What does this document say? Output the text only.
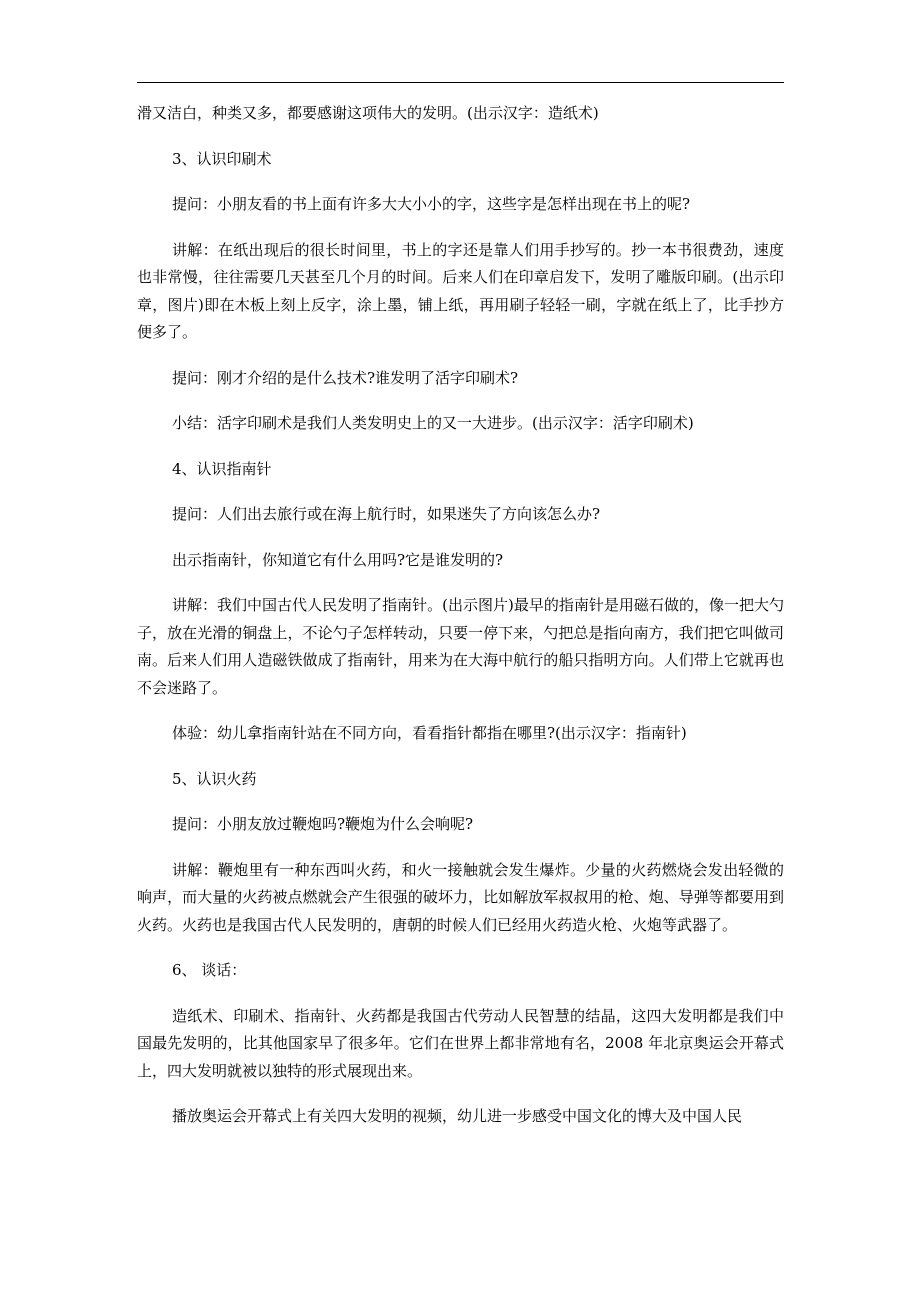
滑又洁白，种类又多，都要感谢这项伟大的发明。(出示汉字：造纸术)

3、认识印刷术

提问：小朋友看的书上面有许多大大小小的字，这些字是怎样出现在书上的呢?

讲解：在纸出现后的很长时间里，书上的字还是靠人们用手抄写的。抄一本书很费劲，速度也非常慢，往往需要几天甚至几个月的时间。后来人们在印章启发下，发明了雕版印刷。(出示印章，图片)即在木板上刻上反字，涂上墨，铺上纸，再用刷子轻轻一刷，字就在纸上了，比手抄方便多了。

提问：刚才介绍的是什么技术?谁发明了活字印刷术?

小结：活字印刷术是我们人类发明史上的又一大进步。(出示汉字：活字印刷术)

4、认识指南针

提问：人们出去旅行或在海上航行时，如果迷失了方向该怎么办?

出示指南针，你知道它有什么用吗?它是谁发明的?

讲解：我们中国古代人民发明了指南针。(出示图片)最早的指南针是用磁石做的，像一把大勺子，放在光滑的铜盘上，不论勺子怎样转动，只要一停下来，勺把总是指向南方，我们把它叫做司南。后来人们用人造磁铁做成了指南针，用来为在大海中航行的船只指明方向。人们带上它就再也不会迷路了。

体验：幼儿拿指南针站在不同方向，看看指针都指在哪里?(出示汉字：指南针)

5、认识火药

提问：小朋友放过鞭炮吗?鞭炮为什么会响呢?

讲解：鞭炮里有一种东西叫火药，和火一接触就会发生爆炸。少量的火药燃烧会发出轻微的响声，而大量的火药被点燃就会产生很强的破坏力，比如解放军叔叔用的枪、炮、导弹等都要用到火药。火药也是我国古代人民发明的，唐朝的时候人们已经用火药造火枪、火炮等武器了。

6、 谈话：

造纸术、印刷术、指南针、火药都是我国古代劳动人民智慧的结晶，这四大发明都是我们中国最先发明的，比其他国家早了很多年。它们在世界上都非常地有名，2008 年北京奥运会开幕式上，四大发明就被以独特的形式展现出来。

播放奥运会开幕式上有关四大发明的视频，幼儿进一步感受中国文化的博大及中国人民
